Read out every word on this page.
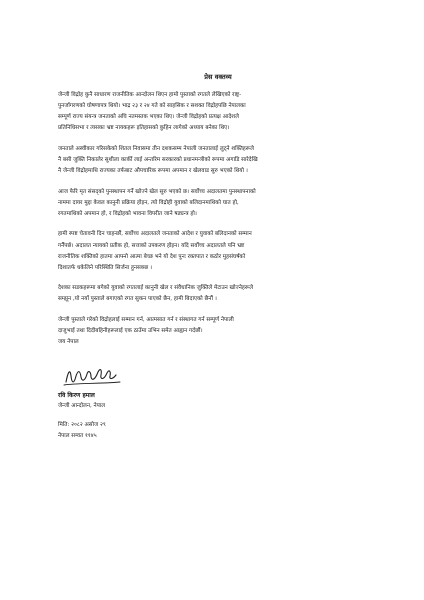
प्रेस वक्तव्य
जेन्जी विद्रोह कुनै साधारण राजनीतिक आन्दोलन थिएन हामो पुस्ताको रगतले लेखिएको राष्ट्र-
पुनर्जागरणको घोषणापत्र थियो। भाद्र २३ र २४ गते को साहसिक र सशक्त विद्रोहपछि नेपालका
सम्पूर्ण राज्य संयन्त्र जनताको अघि नतमस्तक भएका थिए। जेन्जी विद्रोहको प्रत्यक्ष आदेशले
प्रतिनिधिसभा र त्यसका भ्रष्ट नायकहरू इतिहासको कुहिन लागेको अध्याय बनेका थिए।
जनताले अस्वीकार गरिसकेको शितल निवासमा तीन दशकसम्म नेपाली जनतालाई लुट्ने शक्तिहरूले
नै बसी जुक्ति निकालेर सुशीला कार्की लाई अन्तरिम सरकारको प्रधानमन्त्रीको रूपमा अगाडि सारेदेखि
नै जेन्जी विद्रोहमाथि राज्यका तर्फबाट औपचारिक रूपमा अपमान र खेलवाड सुरु भएको थियो ।
आज फेरि मृत संसद्को पुनस्थापन गर्ने खोज्ने खेल सुरु भएको छ। सर्वोच्च अदालतमा पुनस्थापनाको
नाममा दायर मुद्दा केवल कानुनी प्रक्रिया होइन, त्यो विद्रोही युवाको बलिदानमाथिको घात हो,
रगतमाथिको अपमान हो, र विद्रोहको भावना विपरीत जाने षड्यन्त्र हो।
हामी स्पष्ट चेतावनी दिन चाहन्छौं, सर्वोच्च अदालतले जनताको आदेश र युवाको बलिदानको सम्मान
गर्नैपर्छ। अदालत न्यायको प्रतीक हो, सत्ताको उपकरण होइन। यदि सर्वोच्च अदालतले पनि भ्रष्ट
राजनीतिक शक्तिको हातमा आफ्नो आत्मा बेच्छ भने यो देश पुनः रक्तपात र कठोर मुहसंघर्षको
दिशातर्फ धकेलिने परिस्थिति सिर्जना हुनसक्छ ।
देशका सडकहरूमा बगेको युवाको रगतलाई कानुनी खेल र संवैधानिक जुक्तिले मेटाउन खोज्नेहरूले
सम्झून ,यो नयाँ पुस्ताले बगाएको रगत सुकन पाएको छैन, हामी बिदाएको छैनौं ।
जेन्जी पुस्ताले गरेको विद्रोहलाई सम्मान गर्न, आत्मसात गर्न र संस्थागत गर्न सम्पूर्ण नेपाली
दाजुभाई तथा दिदीबहिनीहरूलाई एक ठाउँमा उभिन समेत आह्वान गर्दछौं।
जय नेपाल
रवि किरण हमाल
जेन्जी आन्दोलन, नेपाल
मिति: २०८२ असोज २९
नेपाल सम्वत ११४५
